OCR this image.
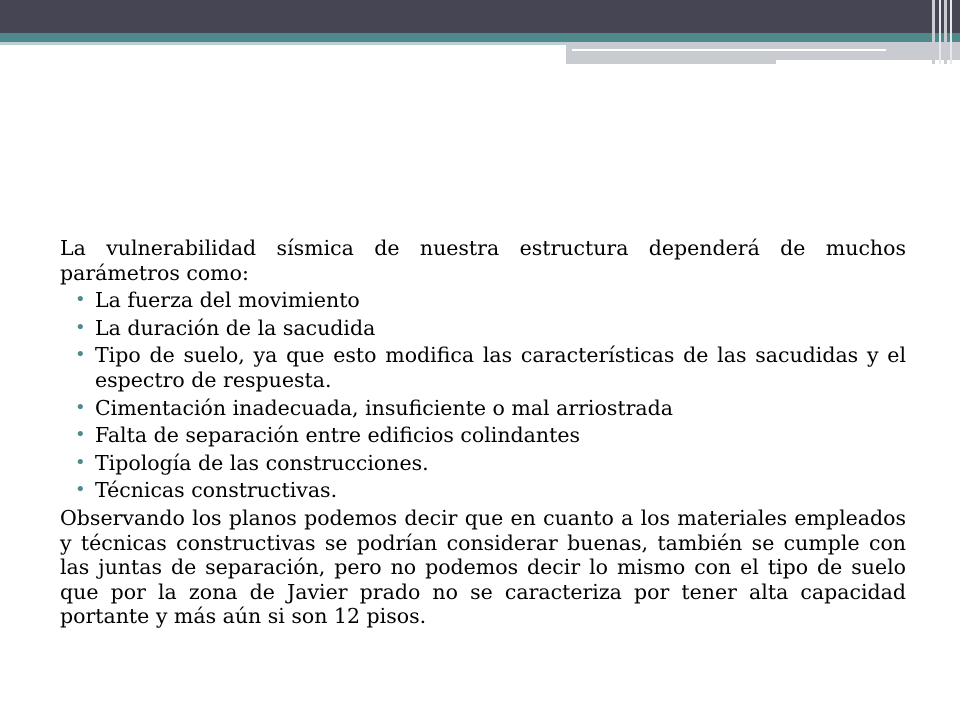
La vulnerabilidad sísmica de nuestra estructura dependerá de muchos parámetros como:

• La fuerza del movimiento
• La duración de la sacudida
• Tipo de suelo, ya que esto modifica las características de las sacudidas y el espectro de respuesta.
• Cimentación inadecuada, insuficiente o mal arriostrada
• Falta de separación entre edificios colindantes
• Tipología de las construcciones.
• Técnicas constructivas.

Observando los planos podemos decir que en cuanto a los materiales empleados y técnicas constructivas se podrían considerar buenas, también se cumple con las juntas de separación, pero no podemos decir lo mismo con el tipo de suelo que por la zona de Javier prado no se caracteriza por tener alta capacidad portante y más aún si son 12 pisos.
